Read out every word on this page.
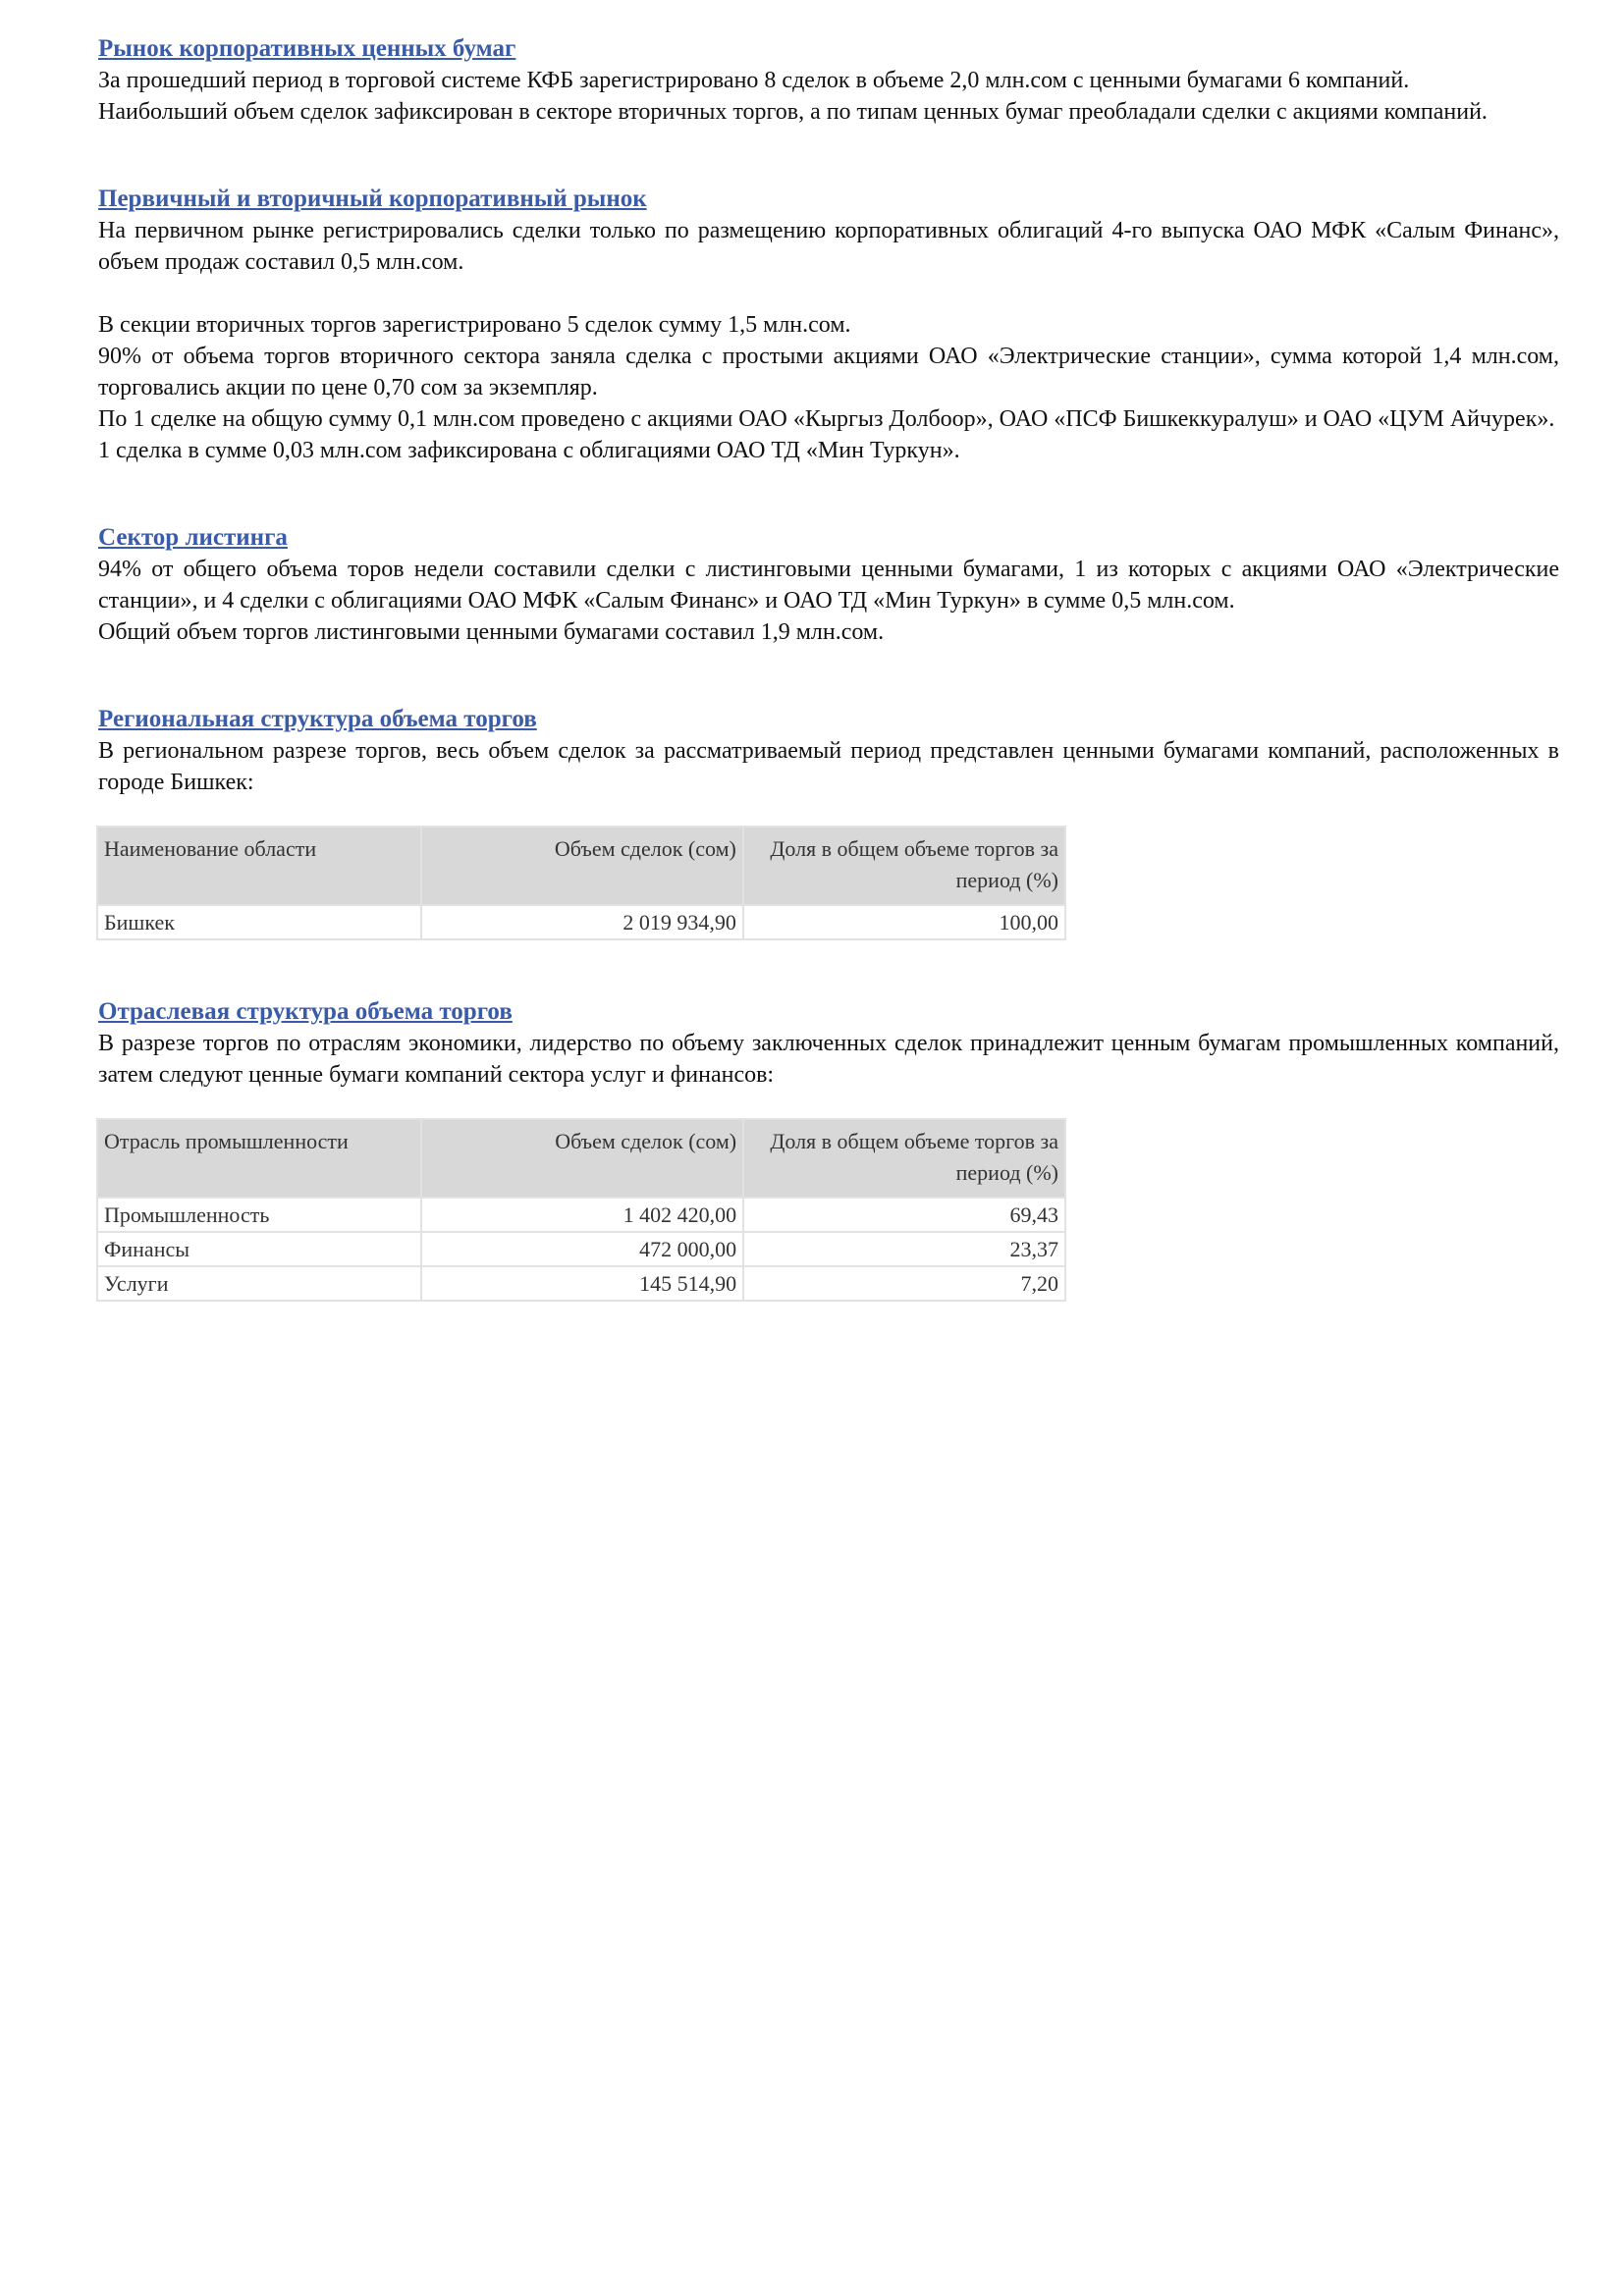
Рынок корпоративных ценных бумаг

За прошедший период в торговой системе КФБ зарегистрировано 8 сделок в объеме 2,0 млн.сом с ценными бумагами 6 компаний.

Наибольший объем сделок зафиксирован в секторе вторичных торгов, а по типам ценных бумаг преобладали сделки с акциями компаний.

Первичный и вторичный корпоративный рынок

На первичном рынке регистрировались сделки только по размещению корпоративных облигаций 4-го выпуска ОАО МФК «Салым Финанс», объем продаж составил 0,5 млн.сом.

В секции вторичных торгов зарегистрировано 5 сделок сумму 1,5 млн.сом.

90% от объема торгов вторичного сектора заняла сделка с простыми акциями ОАО «Электрические станции», сумма которой 1,4 млн.сом, торговались акции по цене 0,70 сом за экземпляр.

По 1 сделке на общую сумму 0,1 млн.сом проведено с акциями ОАО «Кыргыз Долбоор», ОАО «ПСФ Бишкеккуралуш» и ОАО «ЦУМ Айчурек».

1 сделка в сумме 0,03 млн.сом зафиксирована с облигациями ОАО ТД «Мин Туркун».

Сектор листинга

94% от общего объема торов недели составили сделки с листинговыми ценными бумагами, 1 из которых с акциями ОАО «Электрические станции», и 4 сделки с облигациями ОАО МФК «Салым Финанс» и ОАО ТД «Мин Туркун» в сумме 0,5 млн.сом.

Общий объем торгов листинговыми ценными бумагами составил 1,9 млн.сом.

Региональная структура объема торгов

В региональном разрезе торгов, весь объем сделок за рассматриваемый период представлен ценными бумагами компаний, расположенных в городе Бишкек:

Наименование области	Объем сделок (сом)	Доля в общем объеме торгов за период (%)
Бишкек	2 019 934,90	100,00
Отраслевая структура объема торгов

В разрезе торгов по отраслям экономики, лидерство по объему заключенных сделок принадлежит ценным бумагам промышленных компаний, затем следуют ценные бумаги компаний сектора услуг и финансов:

Отрасль промышленности	Объем сделок (сом)	Доля в общем объеме торгов за период (%)
Промышленность	1 402 420,00	69,43
Финансы	472 000,00	23,37
Услуги	145 514,90	7,20
